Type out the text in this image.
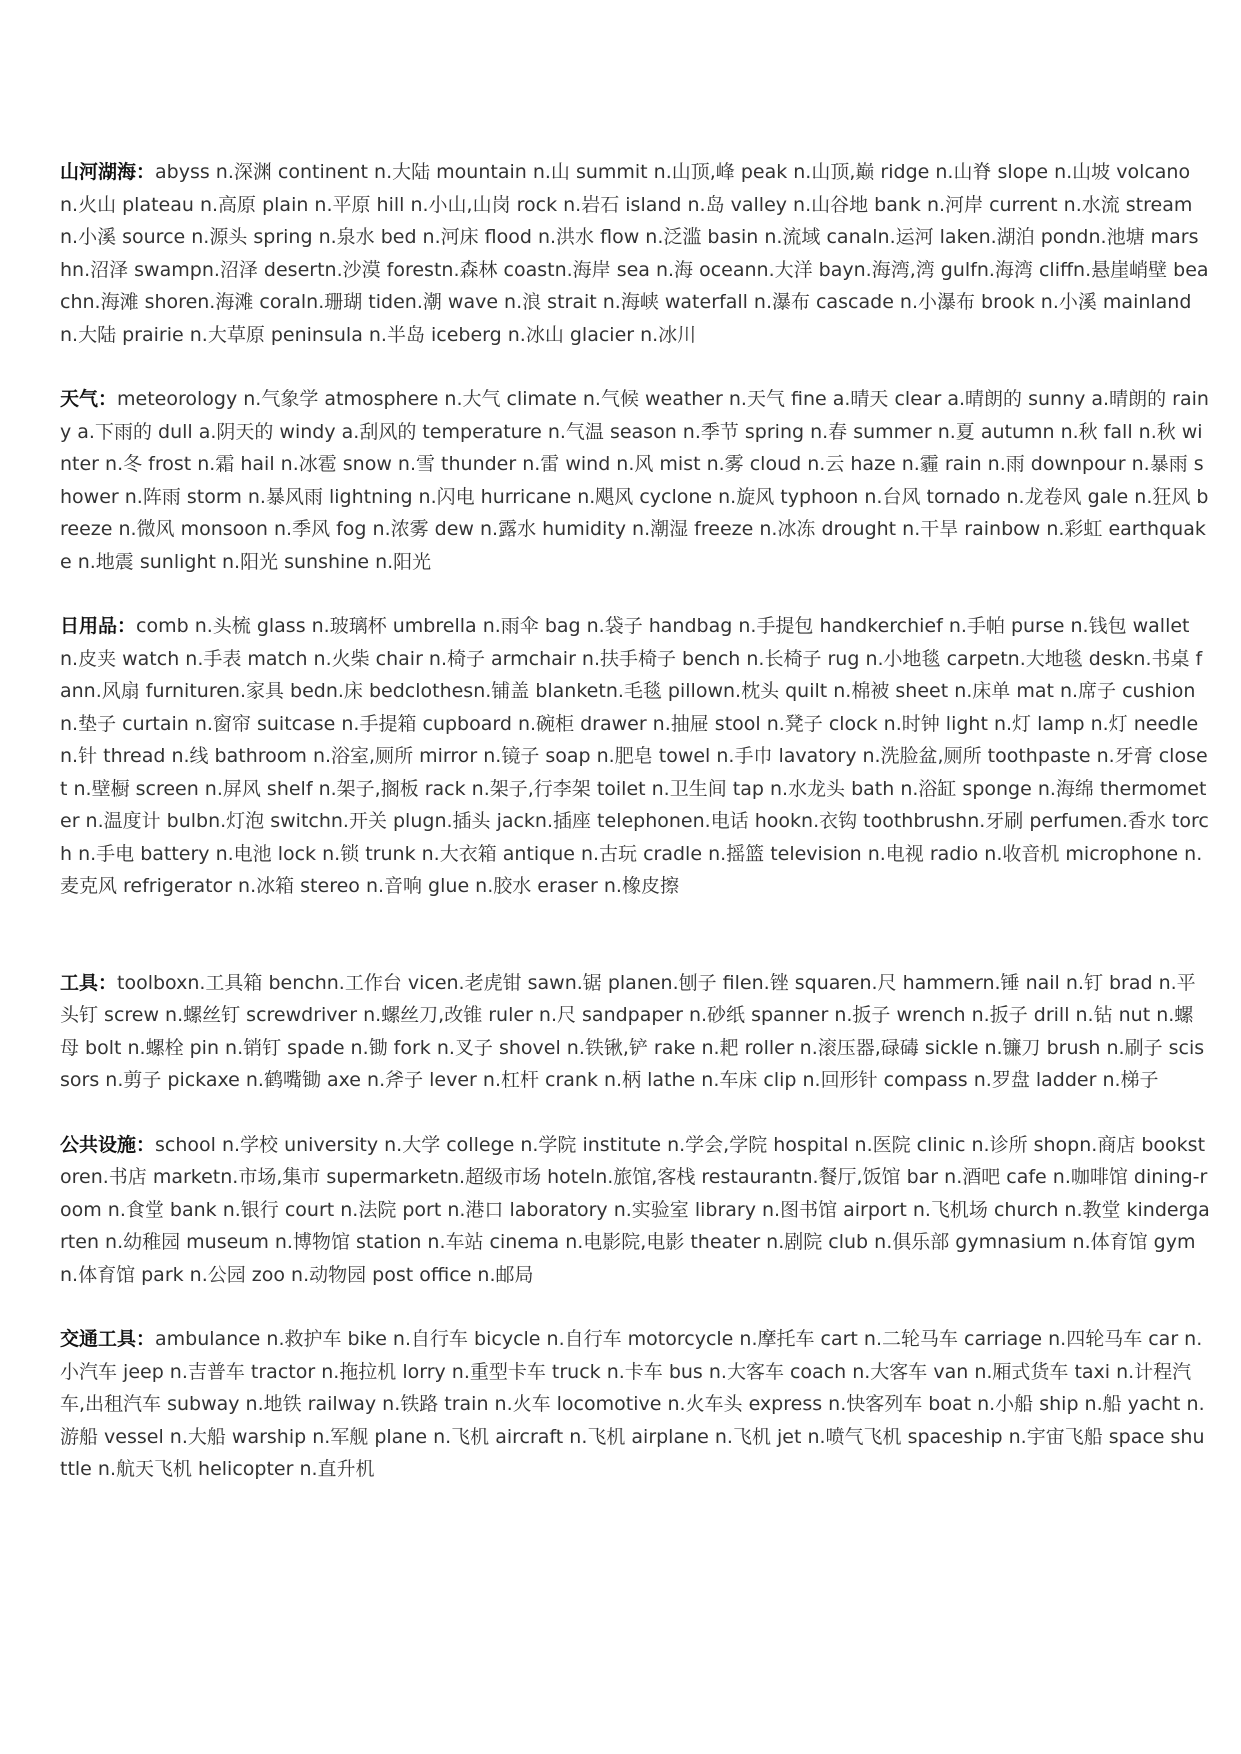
山河湖海：abyss n.深渊 continent n.大陆 mountain n.山 summit n.山顶,峰 peak n.山顶,巅 ridge n.山脊 slope n.山坡 volcano n.火山 plateau n.高原 plain n.平原 hill n.小山,山岗 rock n.岩石 island n.岛 valley n.山谷地 bank n.河岸 current n.水流 stream n.小溪 source n.源头 spring n.泉水 bed n.河床 flood n.洪水 flow n.泛滥 basin n.流域 canaln.运河 laken.湖泊 pondn.池塘 marshn.沼泽 swampn.沼泽 desertn.沙漠 forestn.森林 coastn.海岸 sea n.海 oceann.大洋 bayn.海湾,湾 gulfn.海湾 cliffn.悬崖峭壁 beachn.海滩 shoren.海滩 coraln.珊瑚 tiden.潮 wave n.浪 strait n.海峡 waterfall n.瀑布 cascade n.小瀑布 brook n.小溪 mainland n.大陆 prairie n.大草原 peninsula n.半岛 iceberg n.冰山 glacier n.冰川

天气：meteorology n.气象学 atmosphere n.大气 climate n.气候 weather n.天气 fine a.晴天 clear a.晴朗的 sunny a.晴朗的 rainy a.下雨的 dull a.阴天的 windy a.刮风的 temperature n.气温 season n.季节 spring n.春 summer n.夏 autumn n.秋 fall n.秋 winter n.冬 frost n.霜 hail n.冰雹 snow n.雪 thunder n.雷 wind n.风 mist n.雾 cloud n.云 haze n.霾 rain n.雨 downpour n.暴雨 shower n.阵雨 storm n.暴风雨 lightning n.闪电 hurricane n.飓风 cyclone n.旋风 typhoon n.台风 tornado n.龙卷风 gale n.狂风 breeze n.微风 monsoon n.季风 fog n.浓雾 dew n.露水 humidity n.潮湿 freeze n.冰冻 drought n.干旱 rainbow n.彩虹 earthquake n.地震 sunlight n.阳光 sunshine n.阳光

日用品：comb n.头梳 glass n.玻璃杯 umbrella n.雨伞 bag n.袋子 handbag n.手提包 handkerchief n.手帕 purse n.钱包 wallet n.皮夹 watch n.手表 match n.火柴 chair n.椅子 armchair n.扶手椅子 bench n.长椅子 rug n.小地毯 carpetn.大地毯 deskn.书桌 fann.风扇 furnituren.家具 bedn.床 bedclothesn.铺盖 blanketn.毛毯 pillown.枕头 quilt n.棉被 sheet n.床单 mat n.席子 cushion n.垫子 curtain n.窗帘 suitcase n.手提箱 cupboard n.碗柜 drawer n.抽屉 stool n.凳子 clock n.时钟 light n.灯 lamp n.灯 needle n.针 thread n.线 bathroom n.浴室,厕所 mirror n.镜子 soap n.肥皂 towel n.手巾 lavatory n.洗脸盆,厕所 toothpaste n.牙膏 closet n.壁橱 screen n.屏风 shelf n.架子,搁板 rack n.架子,行李架 toilet n.卫生间 tap n.水龙头 bath n.浴缸 sponge n.海绵 thermometer n.温度计 bulbn.灯泡 switchn.开关 plugn.插头 jackn.插座 telephonen.电话 hookn.衣钩 toothbrushn.牙刷 perfumen.香水 torch n.手电 battery n.电池 lock n.锁 trunk n.大衣箱 antique n.古玩 cradle n.摇篮 television n.电视 radio n.收音机 microphone n.麦克风 refrigerator n.冰箱 stereo n.音响 glue n.胶水 eraser n.橡皮擦

工具：toolboxn.工具箱 benchn.工作台 vicen.老虎钳 sawn.锯 planen.刨子 filen.锉 squaren.尺 hammern.锤 nail n.钉 brad n.平头钉 screw n.螺丝钉 screwdriver n.螺丝刀,改锥 ruler n.尺 sandpaper n.砂纸 spanner n.扳子 wrench n.扳子 drill n.钻 nut n.螺母 bolt n.螺栓 pin n.销钉 spade n.锄 fork n.叉子 shovel n.铁锹,铲 rake n.耙 roller n.滚压器,碌碡 sickle n.镰刀 brush n.刷子 scissors n.剪子 pickaxe n.鹤嘴锄 axe n.斧子 lever n.杠杆 crank n.柄 lathe n.车床 clip n.回形针 compass n.罗盘 ladder n.梯子

公共设施：school n.学校 university n.大学 college n.学院 institute n.学会,学院 hospital n.医院 clinic n.诊所 shopn.商店 bookstoren.书店 marketn.市场,集市 supermarketn.超级市场 hoteln.旅馆,客栈 restaurantn.餐厅,饭馆 bar n.酒吧 cafe n.咖啡馆 dining-room n.食堂 bank n.银行 court n.法院 port n.港口 laboratory n.实验室 library n.图书馆 airport n.飞机场 church n.教堂 kindergarten n.幼稚园 museum n.博物馆 station n.车站 cinema n.电影院,电影 theater n.剧院 club n.俱乐部 gymnasium n.体育馆 gym n.体育馆 park n.公园 zoo n.动物园 post office n.邮局

交通工具：ambulance n.救护车 bike n.自行车 bicycle n.自行车 motorcycle n.摩托车 cart n.二轮马车 carriage n.四轮马车 car n.小汽车 jeep n.吉普车 tractor n.拖拉机 lorry n.重型卡车 truck n.卡车 bus n.大客车 coach n.大客车 van n.厢式货车 taxi n.计程汽车,出租汽车 subway n.地铁 railway n.铁路 train n.火车 locomotive n.火车头 express n.快客列车 boat n.小船 ship n.船 yacht n.游船 vessel n.大船 warship n.军舰 plane n.飞机 aircraft n.飞机 airplane n.飞机 jet n.喷气飞机 spaceship n.宇宙飞船 space shuttle n.航天飞机 helicopter n.直升机
